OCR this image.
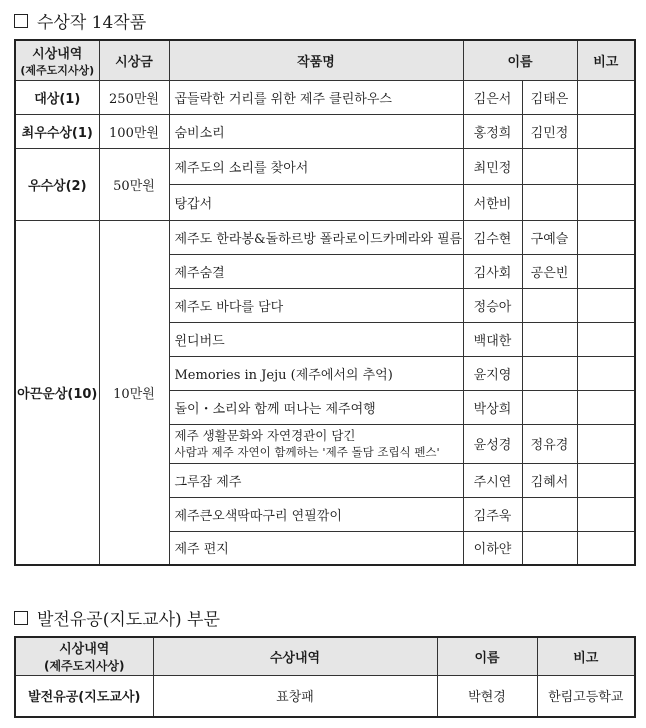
수상작 14작품
시상내역
(제주도지사상)	시상금	작품명	이름		비고
대상(1)	250만원	곱들락한 거리를 위한 제주 클린하우스	김은서	김태은	
최우수상(1)	100만원	숨비소리	홍정희	김민정	
우수상(2)	50만원	제주도의 소리를 찾아서	최민정		
		탕갑서	서한비		
아끈운상(10)	10만원	제주도 한라봉&돌하르방 폴라로이드카메라와 필름	김수현	구예슬	
		제주숨결	김사회	공은빈	
		제주도 바다를 담다	정승아		
		윈디버드	백대한		
		Memories in Jeju (제주에서의 추억)	윤지영		
		돌이・소리와 함께 떠나는 제주여행	박상희		

		제주 생활문화와 자연경관이 담긴
사람과 제주 자연이 함께하는 '제주 돌담 조립식 펜스'	윤성경	정유경	
		그루잠 제주	주시연	김혜서	
		제주큰오색딱따구리 연필깎이	김주욱		
		제주 편지	이하얀		
발전유공(지도교사) 부문
시상내역
(제주도지사상)	수상내역	이름	비고
발전유공(지도교사)	표창패	박현경	한림고등학교
